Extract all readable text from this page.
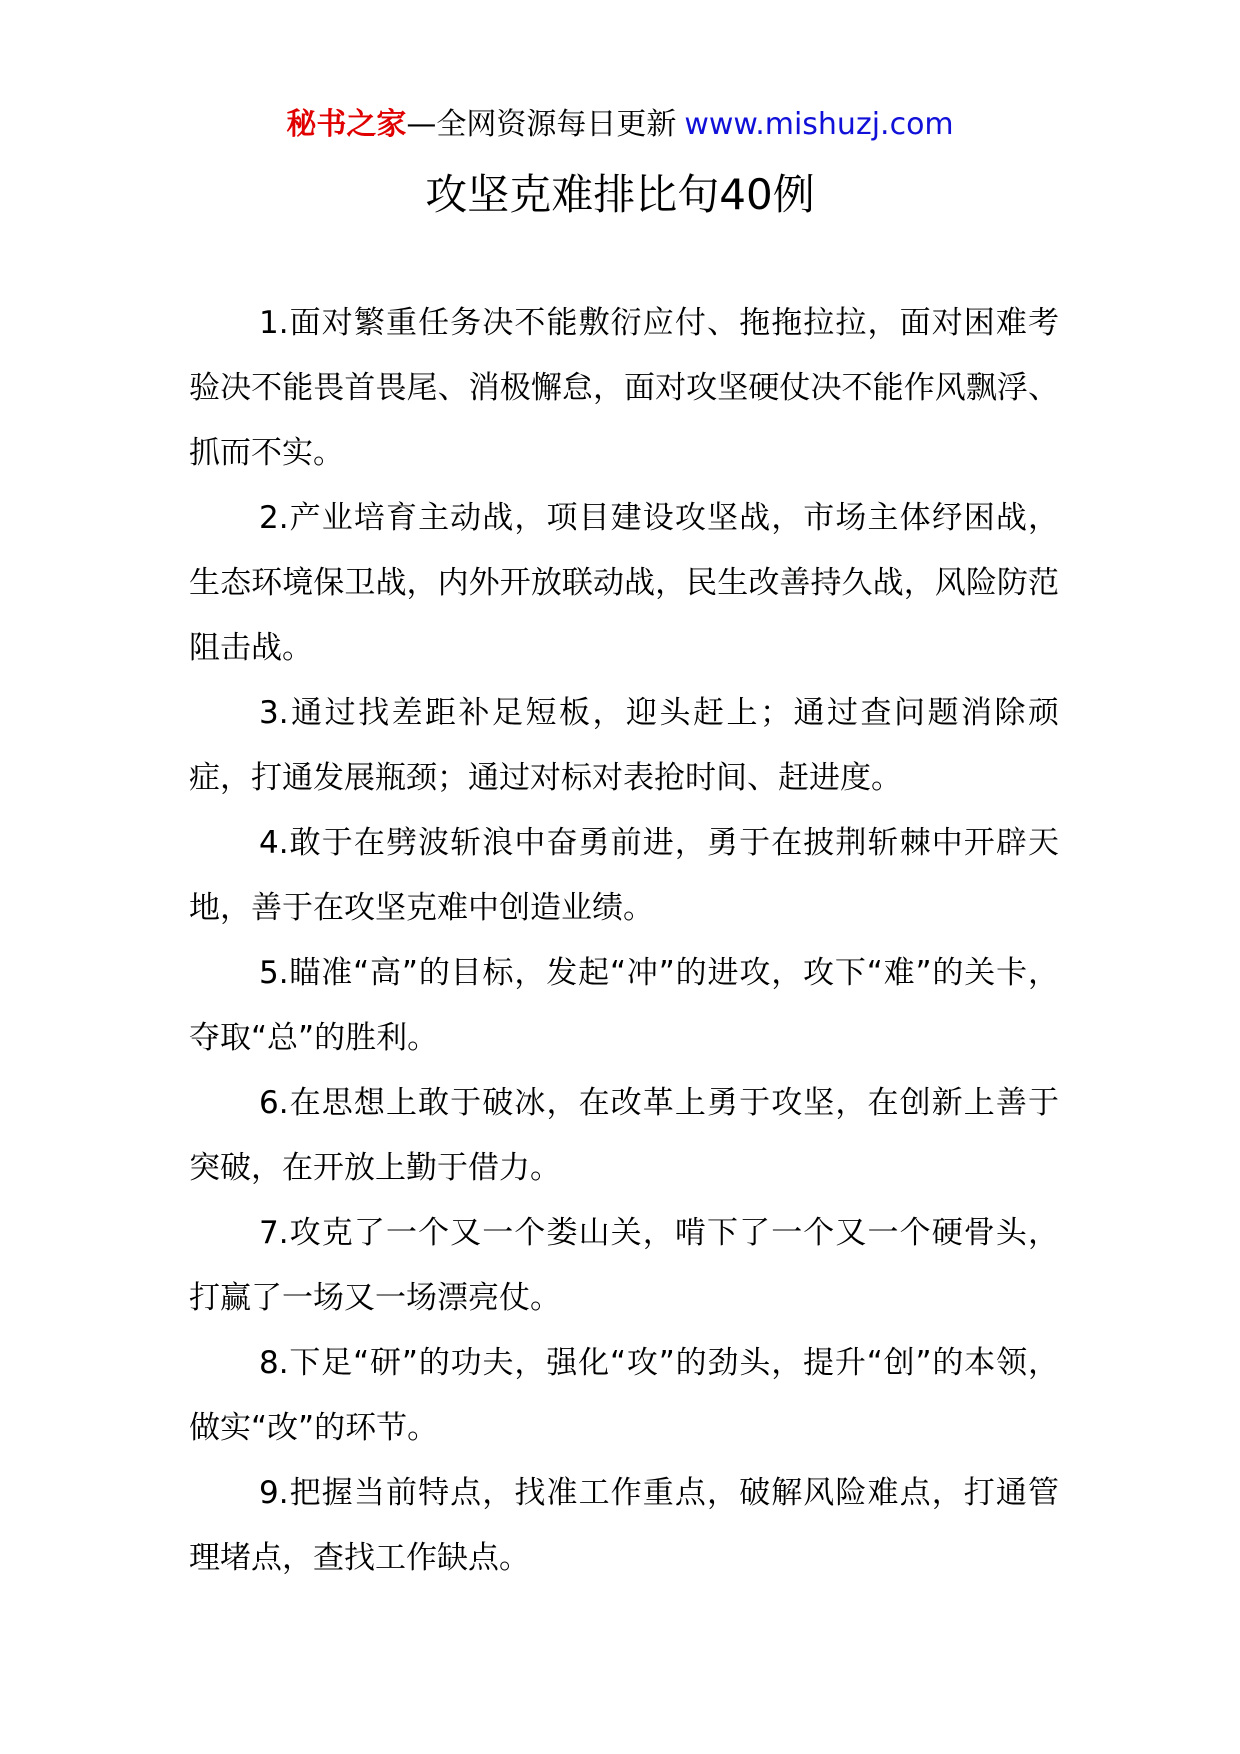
秘书之家—全网资源每日更新 www.mishuzj.com
攻坚克难排比句40例

1.面对繁重任务决不能敷衍应付、拖拖拉拉，面对困难考验决不能畏首畏尾、消极懈怠，面对攻坚硬仗决不能作风飘浮、抓而不实。

2.产业培育主动战，项目建设攻坚战，市场主体纾困战，生态环境保卫战，内外开放联动战，民生改善持久战，风险防范阻击战。

3.通过找差距补足短板，迎头赶上；通过查问题消除顽症，打通发展瓶颈；通过对标对表抢时间、赶进度。

4.敢于在劈波斩浪中奋勇前进，勇于在披荆斩棘中开辟天地，善于在攻坚克难中创造业绩。

5.瞄准“高”的目标，发起“冲”的进攻，攻下“难”的关卡，夺取“总”的胜利。

6.在思想上敢于破冰，在改革上勇于攻坚，在创新上善于突破，在开放上勤于借力。

7.攻克了一个又一个娄山关，啃下了一个又一个硬骨头，打赢了一场又一场漂亮仗。

8.下足“研”的功夫，强化“攻”的劲头，提升“创”的本领，做实“改”的环节。

9.把握当前特点，找准工作重点，破解风险难点，打通管理堵点，查找工作缺点。
